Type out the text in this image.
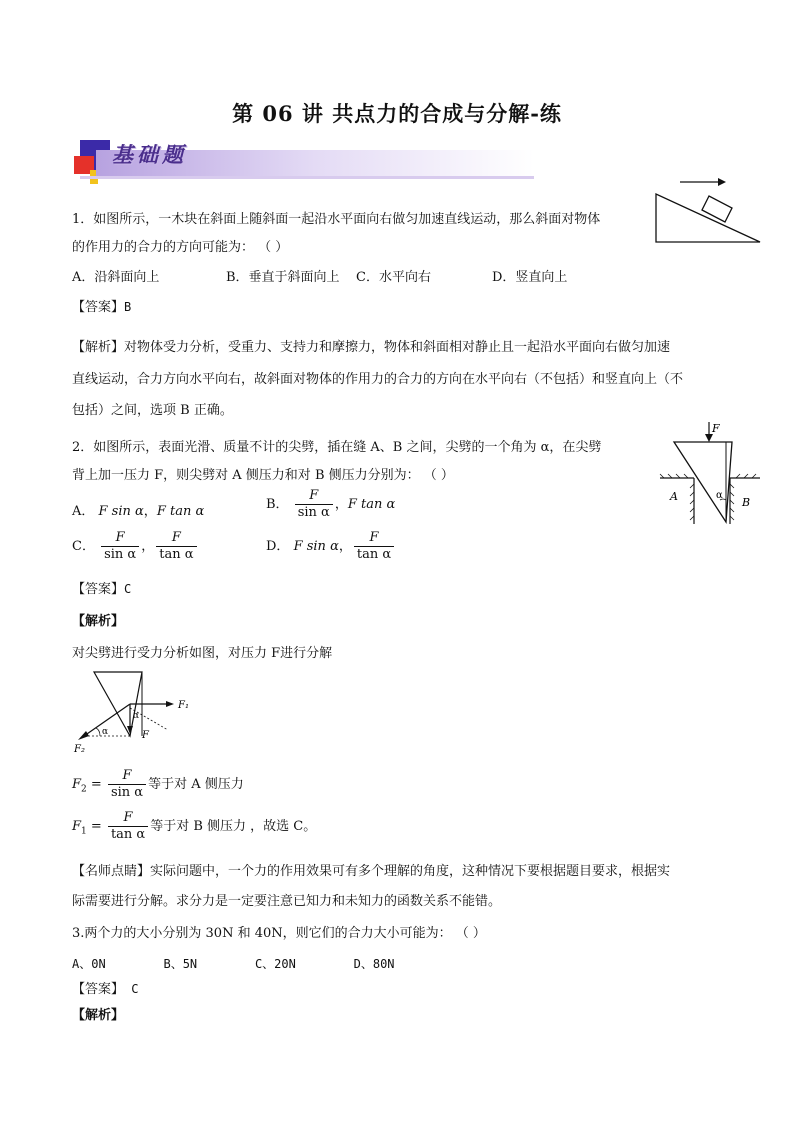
第 06 讲 共点力的合成与分解-练
基础题
1．如图所示，一木块在斜面上随斜面一起沿水平面向右做匀加速直线运动，那么斜面对物体
的作用力的合力的方向可能为： （ ）
A．沿斜面向上	B．垂直于斜面向上 C．水平向右	D．竖直向上
【答案】B
【解析】对物体受力分析，受重力、支持力和摩擦力，物体和斜面相对静止且一起沿水平面向右做匀加速
直线运动，合力方向水平向右，故斜面对物体的作用力的合力的方向在水平向右（不包括）和竖直向上（不
包括）之间，选项 B 正确。
F
α
A	B
2．如图所示，表面光滑、质量不计的尖劈，插在缝 A、B 之间，尖劈的一个角为 α，在尖劈
背上加一压力 F，则尖劈对 A 侧压力和对 B 侧压力分别为： （ ）
A． F sin α，F tan α	B． $\frac{F}{\text{sin α}}$ ，F tan α
C． $\frac{F}{\text{sin α}}$ ， $\frac{F}{\text{tan α}}$	D． F sin α， $\frac{F}{\text{tan α}}$
【答案】C
【解析】
对尖劈进行受力分析如图，对压力 F进行分解
α
α
F₁
F
F₂
$F_2 = \frac{F}{\text{sin α}}$ 等于对 A 侧压力
$F_1 = \frac{F}{\text{tan α}}$ 等于对 B 侧压力 ，故选 C。
【名师点睛】实际问题中，一个力的作用效果可有多个理解的角度，这种情况下要根据题目要求，根据实
际需要进行分解。求分力是一定要注意已知力和未知力的函数关系不能错。
3.两个力的大小分别为 30N 和 40N，则它们的合力大小可能为： （ ）
A、0N        B、5N        C、20N        D、80N
【答案】 C
【解析】
